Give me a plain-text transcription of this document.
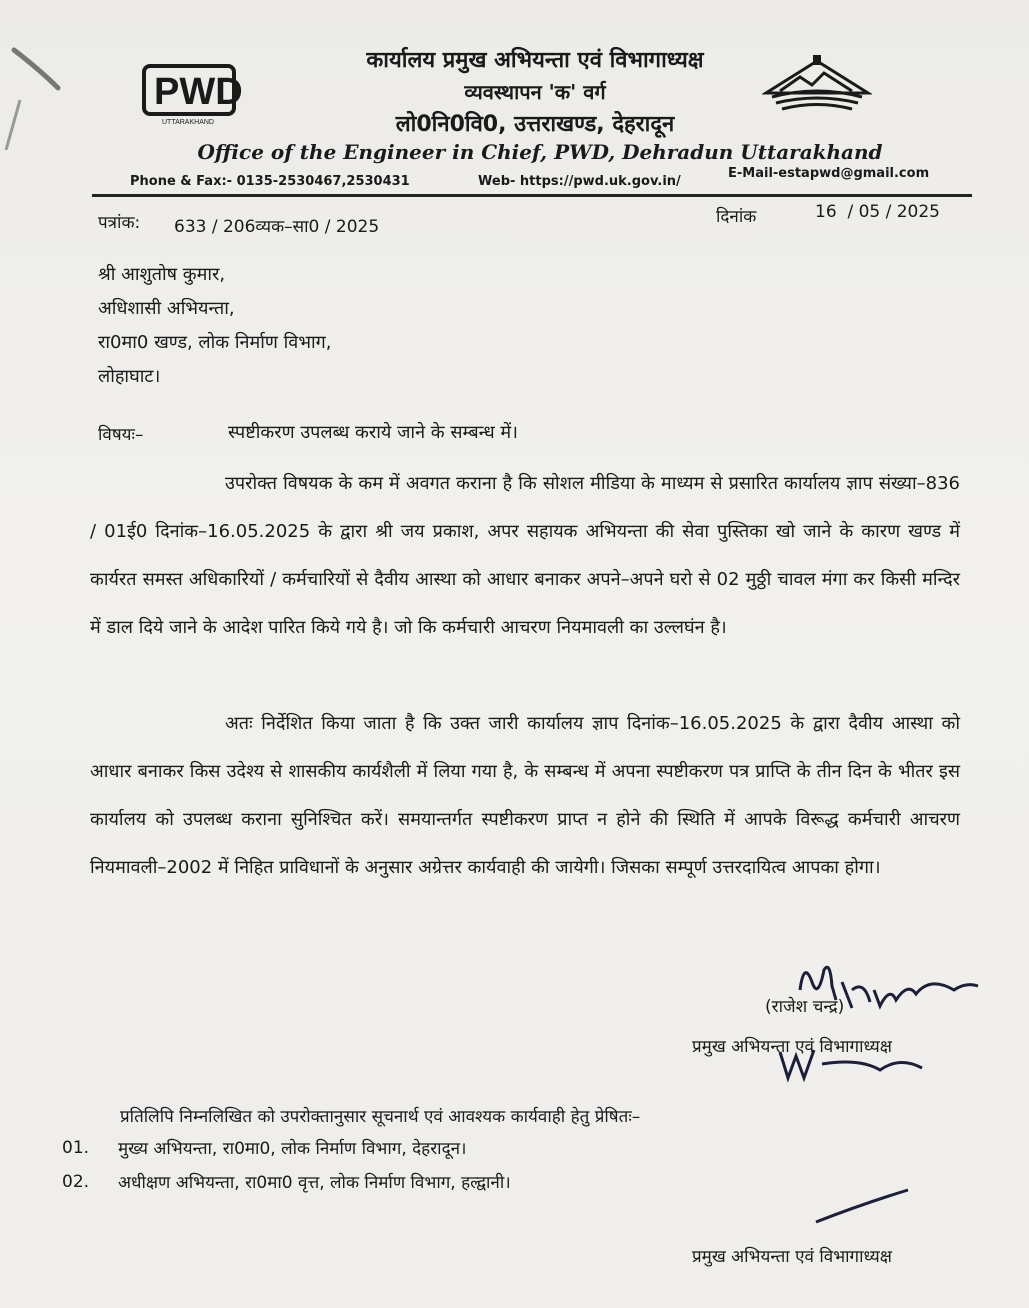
PWD
UTTARAKHAND
कार्यालय प्रमुख अभियन्ता एवं विभागाध्यक्ष
व्यवस्थापन 'क' वर्ग
लो0नि0वि0, उत्तराखण्ड, देहरादून
Office of the Engineer in Chief, PWD, Dehradun Uttarakhand
Phone & Fax:- 0135-2530467,2530431	Web- https://pwd.uk.gov.in/
E-Mail-estapwd@gmail.com
पत्रांक: 633 / 206व्यक–सा0 / 2025	दिनांक	16  / 05 / 2025
श्री आशुतोष कुमार,
अधिशासी अभियन्ता,
रा0मा0 खण्ड, लोक निर्माण विभाग,
लोहाघाट।
विषयः–	स्पष्टीकरण उपलब्ध कराये जाने के सम्बन्ध में।
उपरोक्त विषयक के कम में अवगत कराना है कि सोशल मीडिया के माध्यम से प्रसारित कार्यालय ज्ञाप संख्या–836 / 01ई0 दिनांक–16.05.2025 के द्वारा श्री जय प्रकाश, अपर सहायक अभियन्ता की सेवा पुस्तिका खो जाने के कारण खण्ड में कार्यरत समस्त अधिकारियों / कर्मचारियों से दैवीय आस्था को आधार बनाकर अपने–अपने घरो से 02 मुठ्ठी चावल मंगा कर किसी मन्दिर में डाल दिये जाने के आदेश पारित किये गये है। जो कि कर्मचारी आचरण नियमावली का उल्लघंन है।
अतः निर्देशित किया जाता है कि उक्त जारी कार्यालय ज्ञाप दिनांक–16.05.2025 के द्वारा दैवीय आस्था को आधार बनाकर किस उदेश्य से शासकीय कार्यशैली में लिया गया है, के सम्बन्ध में अपना स्पष्टीकरण पत्र प्राप्ति के तीन दिन के भीतर इस कार्यालय को उपलब्ध कराना सुनिश्चित करें। समयान्तर्गत स्पष्टीकरण प्राप्त न होने की स्थिति में आपके विरूद्ध कर्मचारी आचरण नियमावली–2002 में निहित प्राविधानों के अनुसार अग्रेत्तर कार्यवाही की जायेगी। जिसका सम्पूर्ण उत्तरदायित्व आपका होगा।
(राजेश चन्द्र)
प्रमुख अभियन्ता एवं विभागाध्यक्ष
प्रतिलिपि निम्नलिखित को उपरोक्तानुसार सूचनार्थ एवं आवश्यक कार्यवाही हेतु प्रेषितः–
01. मुख्य अभियन्ता, रा0मा0, लोक निर्माण विभाग, देहरादून।
02. अधीक्षण अभियन्ता, रा0मा0 वृत्त, लोक निर्माण विभाग, हल्द्वानी।
प्रमुख अभियन्ता एवं विभागाध्यक्ष
